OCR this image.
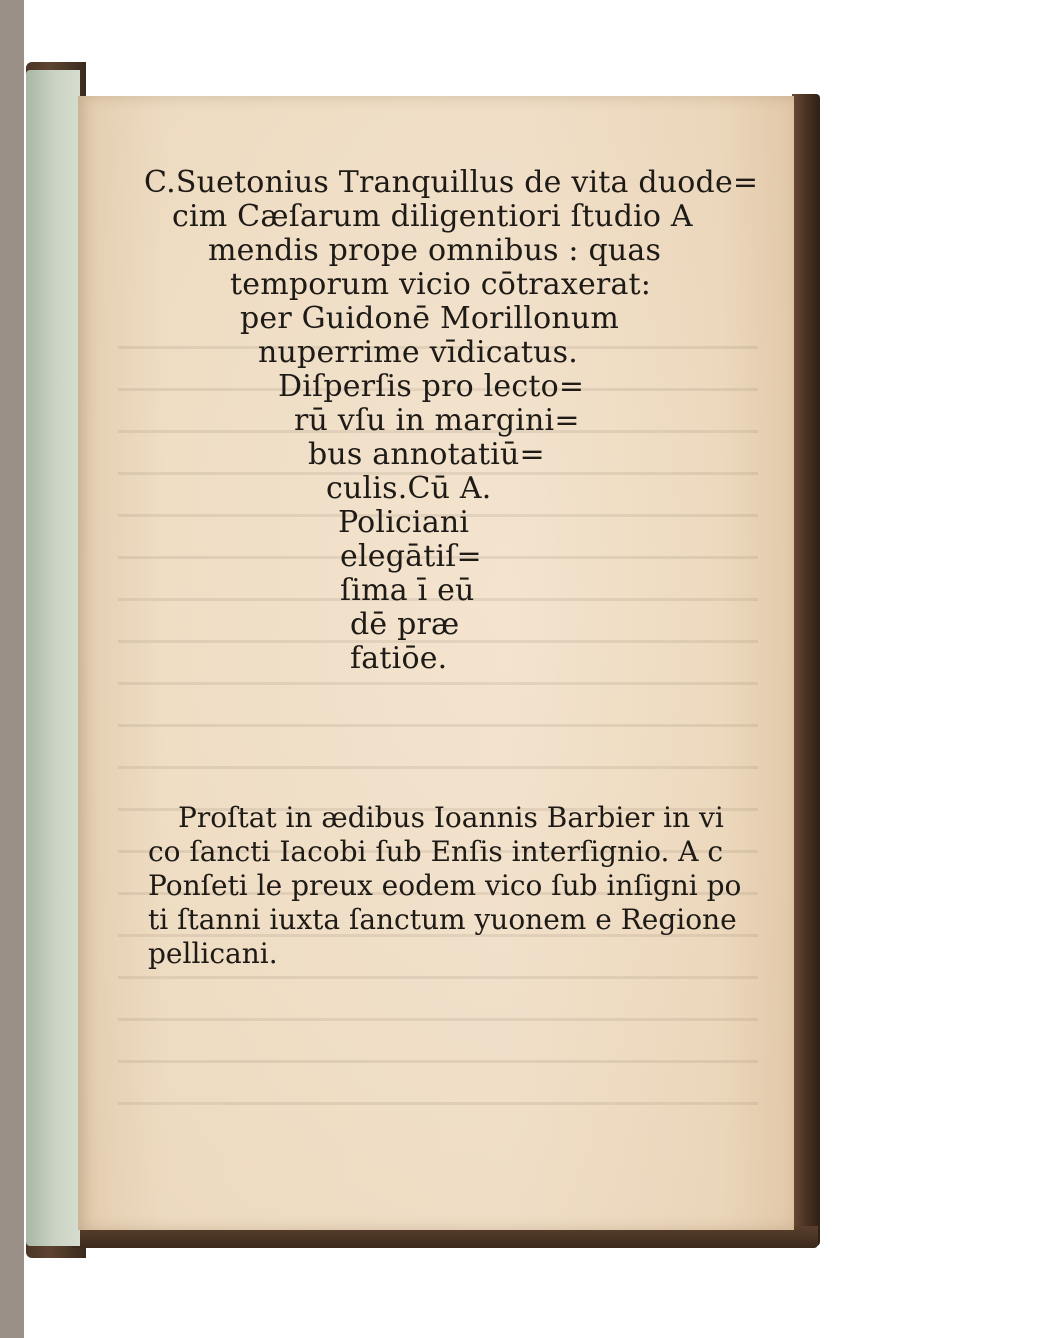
C.Suetonius Tranquillus de vita duode=
cim Cæſarum diligentiori ſtudio A
mendis prope omnibus : quas
temporum vicio cōtraxerat:
per Guidonē Morillonum
nuperrime vīdicatus.
Diſperſis pro lecto=
rū vſu in margini=
bus annotatiū=
culis.Cū A.
Policiani
elegātiſ=
ſima ī eū
dē præ
fatiōe.
Proſtat in ædibus Ioannis Barbier in vi
co ſancti Iacobi ſub Enſis interſignio. A c
Ponſeti le preux eodem vico ſub inſigni po
ti ſtanni iuxta ſanctum yuonem e Regione
pellicani.
